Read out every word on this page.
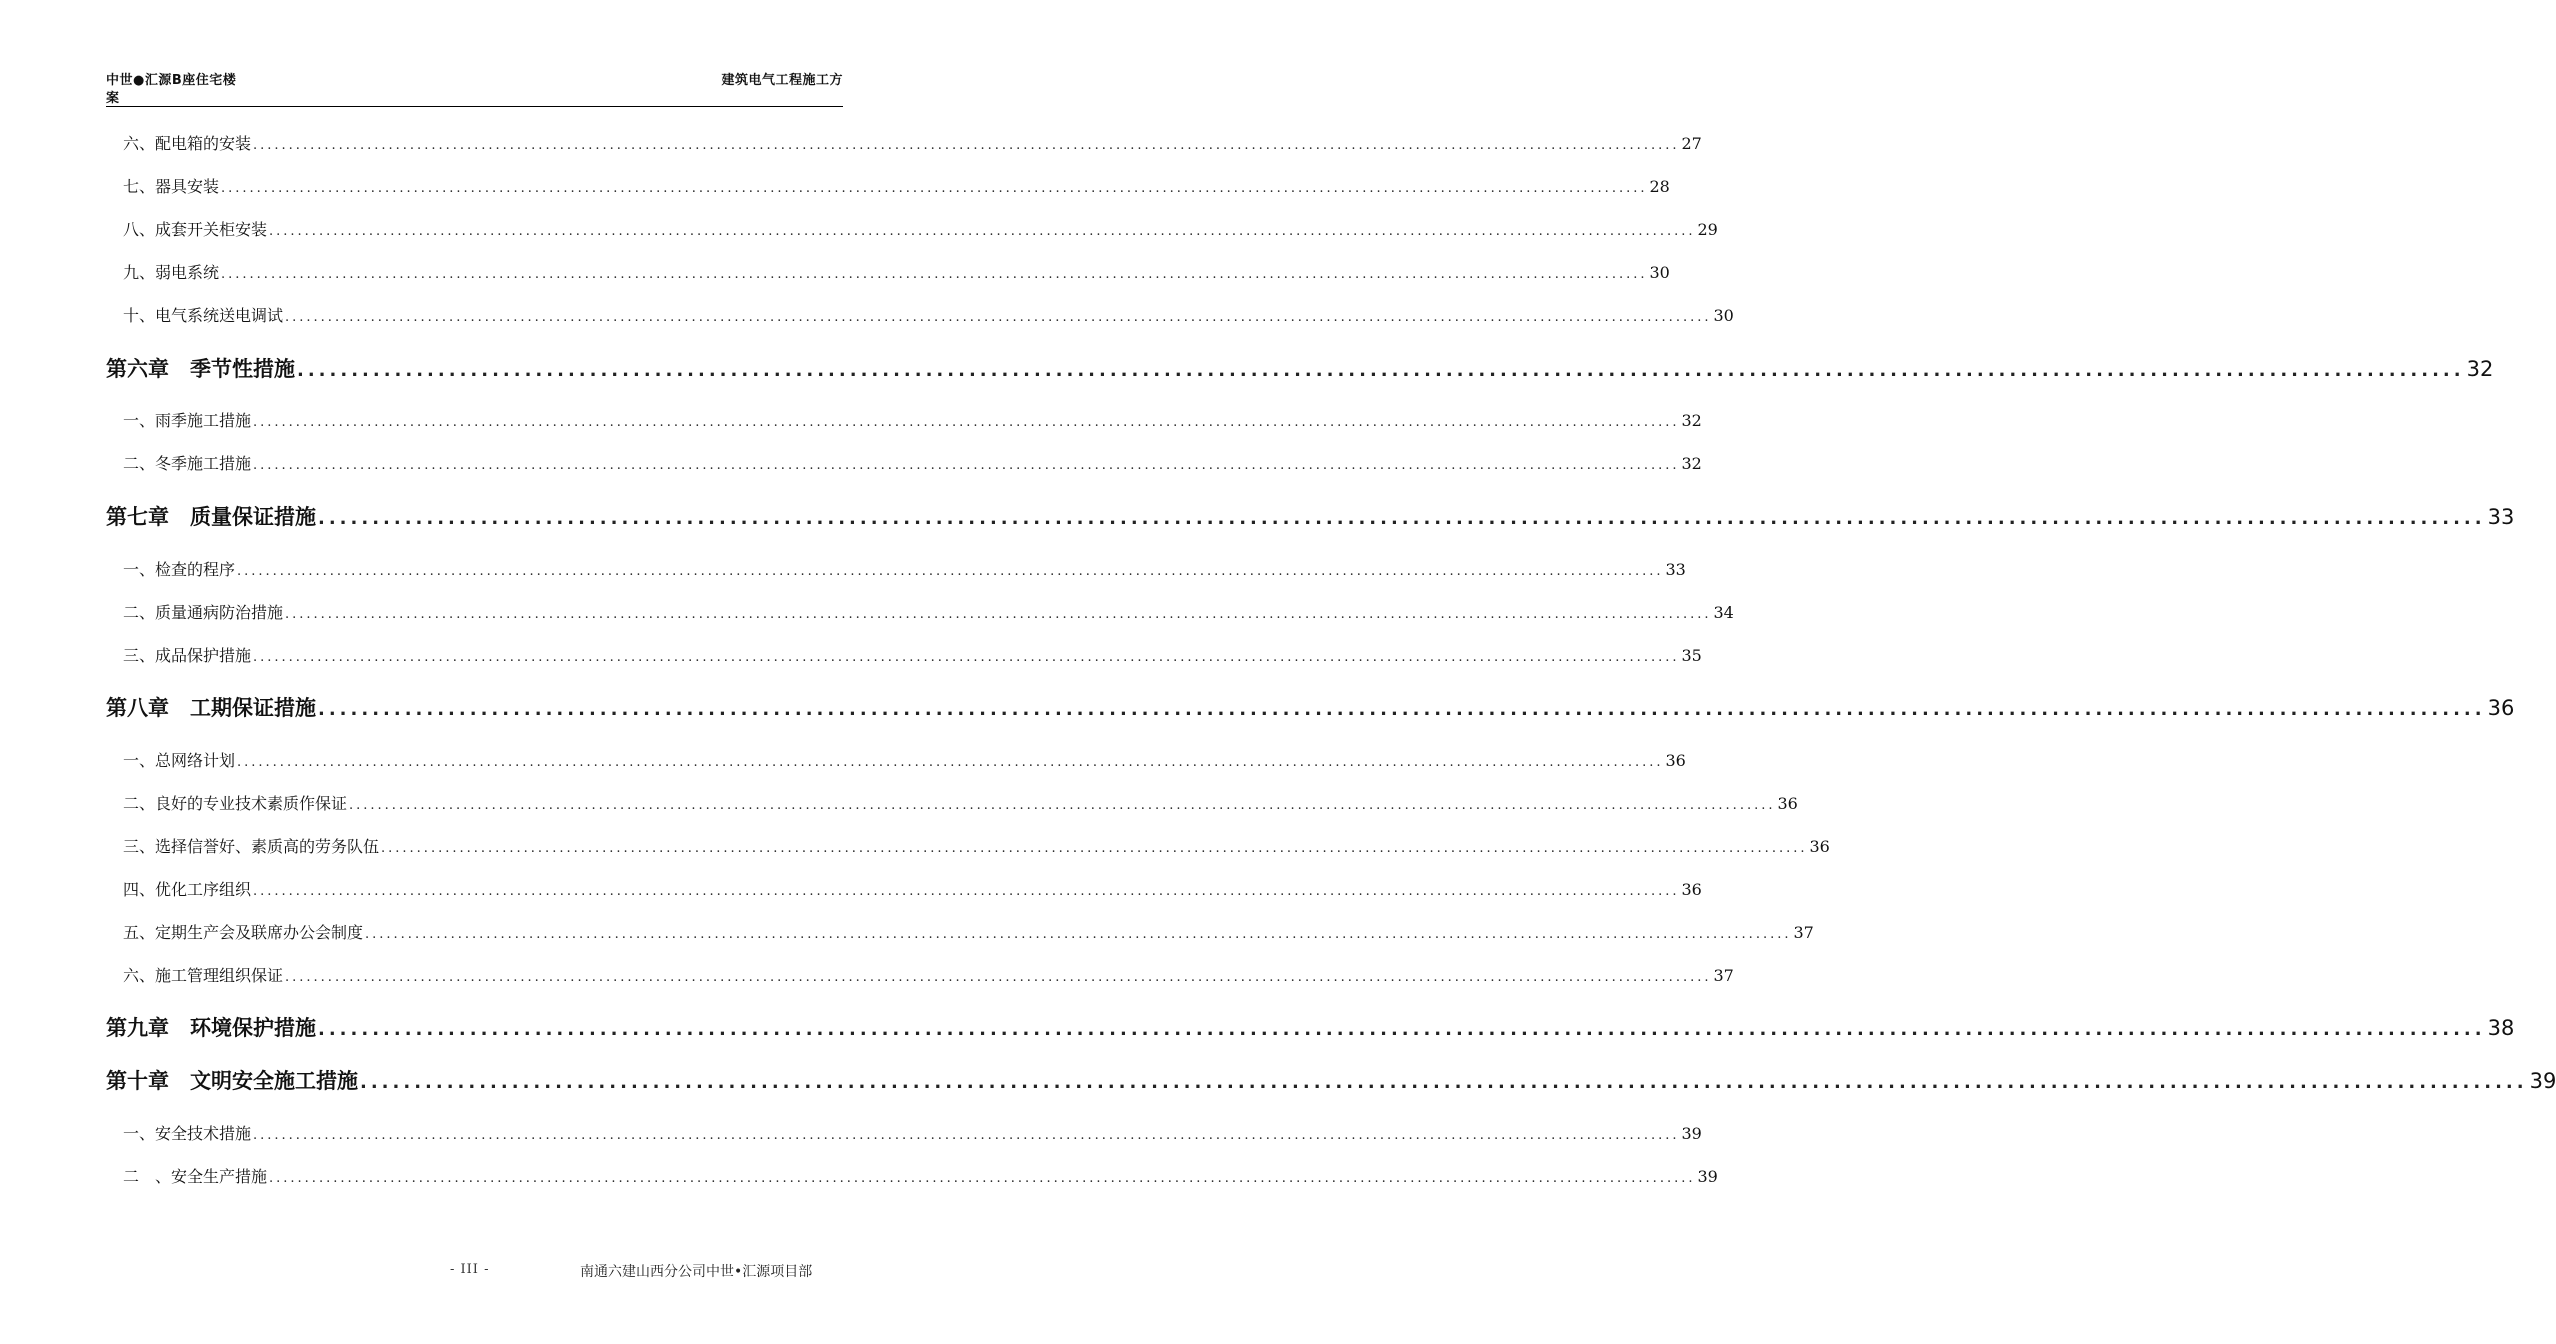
中世●汇源B座住宅楼
案
建筑电气工程施工方
六、配电箱的安装 ........................................................................................................................................................................................................ 27
七、器具安装 ........................................................................................................................................................................................................ 28
八、成套开关柜安装 ........................................................................................................................................................................................................ 29
九、弱电系统 ........................................................................................................................................................................................................ 30
十、电气系统送电调试 ........................................................................................................................................................................................................ 30
第六章　季节性措施 ........................................................................................................................................................................................................ 32
一、雨季施工措施 ........................................................................................................................................................................................................ 32
二、冬季施工措施 ........................................................................................................................................................................................................ 32
第七章　质量保证措施 ........................................................................................................................................................................................................ 33
一、检查的程序 ........................................................................................................................................................................................................ 33
二、质量通病防治措施 ........................................................................................................................................................................................................ 34
三、成品保护措施 ........................................................................................................................................................................................................ 35
第八章　工期保证措施 ........................................................................................................................................................................................................ 36
一、总网络计划 ........................................................................................................................................................................................................ 36
二、良好的专业技术素质作保证 ........................................................................................................................................................................................................ 36
三、选择信誉好、素质高的劳务队伍 ........................................................................................................................................................................................................ 36
四、优化工序组织 ........................................................................................................................................................................................................ 36
五、定期生产会及联席办公会制度 ........................................................................................................................................................................................................ 37
六、施工管理组织保证 ........................................................................................................................................................................................................ 37
第九章　环境保护措施 ........................................................................................................................................................................................................ 38
第十章　文明安全施工措施 ........................................................................................................................................................................................................ 39
一、安全技术措施 ........................................................................................................................................................................................................ 39
二　、安全生产措施 ........................................................................................................................................................................................................ 39
- III -	南通六建山西分公司中世•汇源项目部
